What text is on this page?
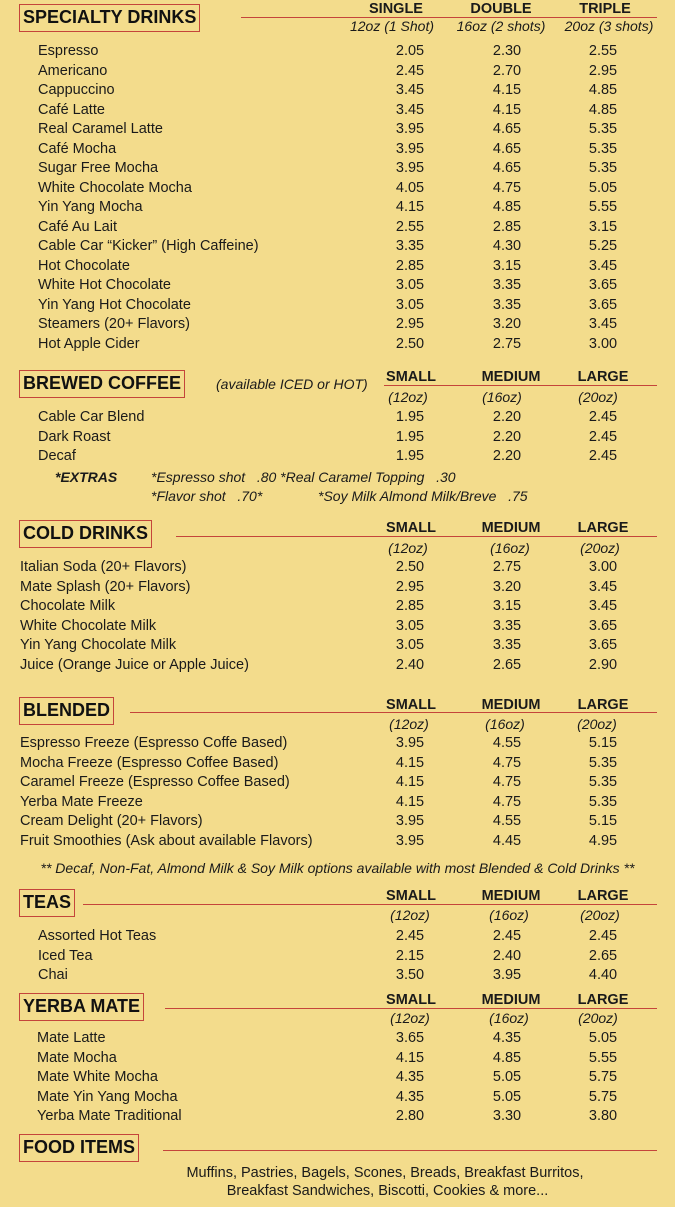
SPECIALTY DRINKS	SINGLE	DOUBLE	TRIPLE
12oz (1 Shot)	16oz (2 shots)	20oz (3 shots)
Espresso	2.05	2.30	2.55
Americano	2.45	2.70	2.95
Cappuccino	3.45	4.15	4.85
Café Latte	3.45	4.15	4.85
Real Caramel Latte	3.95	4.65	5.35
Café Mocha	3.95	4.65	5.35
Sugar Free Mocha	3.95	4.65	5.35
White Chocolate Mocha	4.05	4.75	5.05
Yin Yang Mocha	4.15	4.85	5.55
Café Au Lait	2.55	2.85	3.15
Cable Car “Kicker” (High Caffeine)	3.35	4.30	5.25
Hot Chocolate	2.85	3.15	3.45
White Hot Chocolate	3.05	3.35	3.65
Yin Yang Hot Chocolate	3.05	3.35	3.65
Steamers (20+ Flavors)	2.95	3.20	3.45
Hot Apple Cider	2.50	2.75	3.00
BREWED COFFEE (available ICED or HOT)	SMALL	MEDIUM	LARGE
(12oz)	(16oz)	(20oz)
Cable Car Blend	1.95	2.20	2.45
Dark Roast	1.95	2.20	2.45
Decaf	1.95	2.20	2.45
*EXTRAS *Espresso shot   .80 *Real Caramel Topping   .30
*Flavor shot   .70*	*Soy Milk Almond Milk/Breve   .75
COLD DRINKS	SMALL	MEDIUM	LARGE
(12oz)	(16oz)	(20oz)
Italian Soda (20+ Flavors)	2.50	2.75	3.00
Mate Splash (20+ Flavors)	2.95	3.20	3.45
Chocolate Milk	2.85	3.15	3.45
White Chocolate Milk	3.05	3.35	3.65
Yin Yang Chocolate Milk	3.05	3.35	3.65
Juice (Orange Juice or Apple Juice)	2.40	2.65	2.90
BLENDED	SMALL	MEDIUM	LARGE
(12oz)	(16oz)	(20oz)
Espresso Freeze (Espresso Coffe Based)	3.95	4.55	5.15
Mocha Freeze (Espresso Coffee Based)	4.15	4.75	5.35
Caramel Freeze (Espresso Coffee Based)	4.15	4.75	5.35
Yerba Mate Freeze	4.15	4.75	5.35
Cream Delight (20+ Flavors)	3.95	4.55	5.15
Fruit Smoothies (Ask about available Flavors)	3.95	4.45	4.95
** Decaf, Non-Fat, Almond Milk & Soy Milk options available with most Blended & Cold Drinks **
TEAS	SMALL	MEDIUM	LARGE
(12oz)	(16oz)	(20oz)
Assorted Hot Teas	2.45	2.45	2.45
Iced Tea	2.15	2.40	2.65
Chai	3.50	3.95	4.40
YERBA MATE	SMALL	MEDIUM	LARGE
(12oz)	(16oz)	(20oz)
Mate Latte	3.65	4.35	5.05
Mate Mocha	4.15	4.85	5.55
Mate White Mocha	4.35	5.05	5.75
Mate Yin Yang Mocha	4.35	5.05	5.75
Yerba Mate Traditional	2.80	3.30	3.80
FOOD ITEMS
Muffins, Pastries, Bagels, Scones, Breads, Breakfast Burritos,
Breakfast Sandwiches, Biscotti, Cookies & more...
